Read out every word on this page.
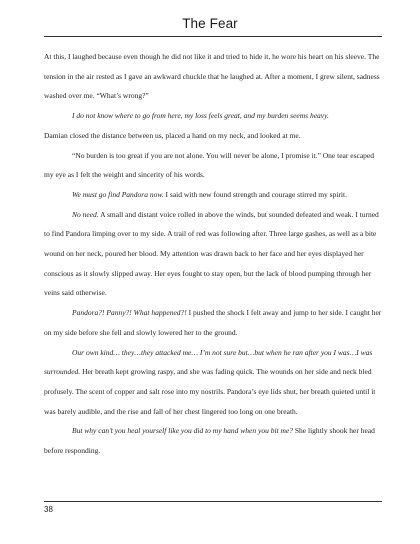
The Fear

At this, I laughed because even though he did not like it and tried to hide it, he wore his heart on his sleeve. The tension in the air rested as I gave an awkward chuckle that he laughed at. After a moment, I grew silent, sadness washed over me. “What’s wrong?”

I do not know where to go from here, my loss feels great, and my burden seems heavy.

Damian closed the distance between us, placed a hand on my neck, and looked at me.

“No burden is too great if you are not alone. You will never be alone, I promise it.” One tear escaped my eye as I felt the weight and sincerity of his words.

We must go find Pandora now. I said with new found strength and courage stirred my spirit.

No need. A small and distant voice rolled in above the winds, but sounded defeated and weak. I turned to find Pandora limping over to my side. A trail of red was following after. Three large gashes, as well as a bite wound on her neck, poured her blood. My attention was drawn back to her face and her eyes displayed her conscious as it slowly slipped away. Her eyes fought to stay open, but the lack of blood pumping through her veins said otherwise.

Pandora?! Panny?! What happened?! I pushed the shock I felt away and jump to her side. I caught her on my side before she fell and slowly lowered her to the ground.

Our own kind… they…they attacked me… I’m not sure but…but when he ran after you I was…I was surrounded. Her breath kept growing raspy, and she was fading quick. The wounds on her side and neck bled profusely. The scent of copper and salt rose into my nostrils. Pandora’s eye lids shut, her breath quieted until it was barely audible, and the rise and fall of her chest lingered too long on one breath.

But why can’t you heal yourself like you did to my hand when you bit me? She lightly shook her head before responding.

38
